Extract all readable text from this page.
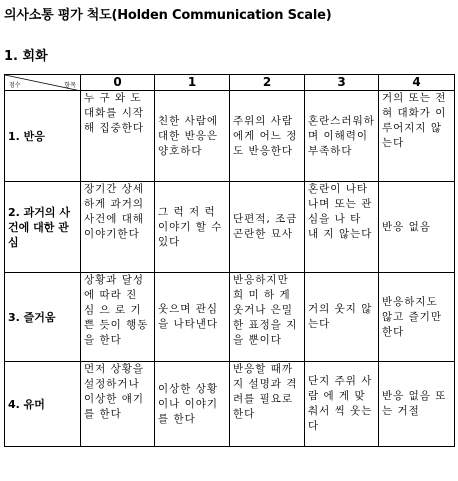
의사소통 평가 척도(Holden Communication Scale)
1. 회화
항목
점수	0	1	2	3	4
1. 반응	누 구 와 도 대화를 시작해 집중한다	친한 사람에 대한 반응은 양호하다	주위의 사람에게 어느 정도 반응한다	혼란스러워하며 이해력이 부족하다	거의 또는 전혀 대화가 이루어지지 않는다
2. 과거의 사건에 대한 관심	장기간 상세하게 과거의 사건에 대해 이야기한다	그 럭 저 럭 이야기 할 수 있다	단편적, 조금 곤란한 묘사	혼란이 나타나며 또는 관심을 나 타 내 지 않는다	반응 없음
3. 즐거움	상황과 달성에 따라 진 심 으 로 기쁜 듯이 행동을 한다	웃으며 관심을 나타낸다	반응하지만 희 미 하 게 웃거나 은밀한 표정을 지을 뿐이다	거의 웃지 않는다	반응하지도 않고 즐기만 한다
4. 유머	먼저 상황을 설정하거나 이상한 얘기를 한다	이상한 상황이나 이야기를 한다	반응할 때까지 설명과 격려를 필요로 한다	단지 주위 사 람 에 게 맞춰서 씩 웃는다	반응 없음 또는 거절
